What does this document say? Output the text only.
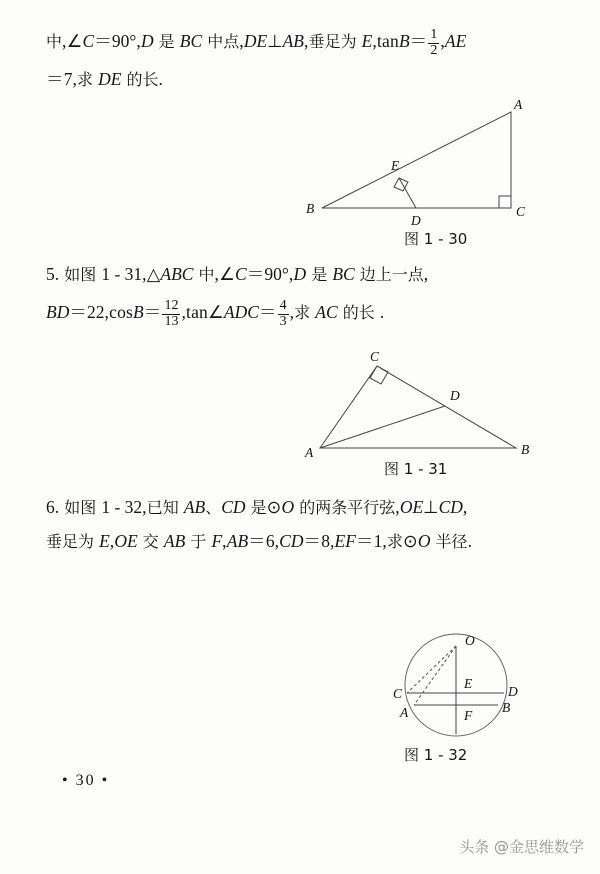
中,∠C＝90°,D 是 BC 中点,DE⊥AB,垂足为 $E,\tan B= \frac{1}{2} ,AE$
＝7,求 DE 的长.
A
B	C
D
E
图 1 - 30
5. 如图 1 - 31,△ABC 中,∠C＝90°,D 是 BC 边上一点,
$BD=22,\cos B= \frac{12}{13}$ ,tan∠ADC＝ $\frac{4}{3}$ ,求 AC 的长 .
C
D
A	B
图 1 - 31
6. 如图 1 - 32,已知 AB、CD 是⊙O 的两条平行弦,OE⊥CD,
垂足为 E,OE 交 AB 于 F,AB＝6,CD＝8,EF＝1,求⊙O 半径.
O
E
F
C	D
A	B
图 1 - 32
• 30 •
头条 @金思维数学
